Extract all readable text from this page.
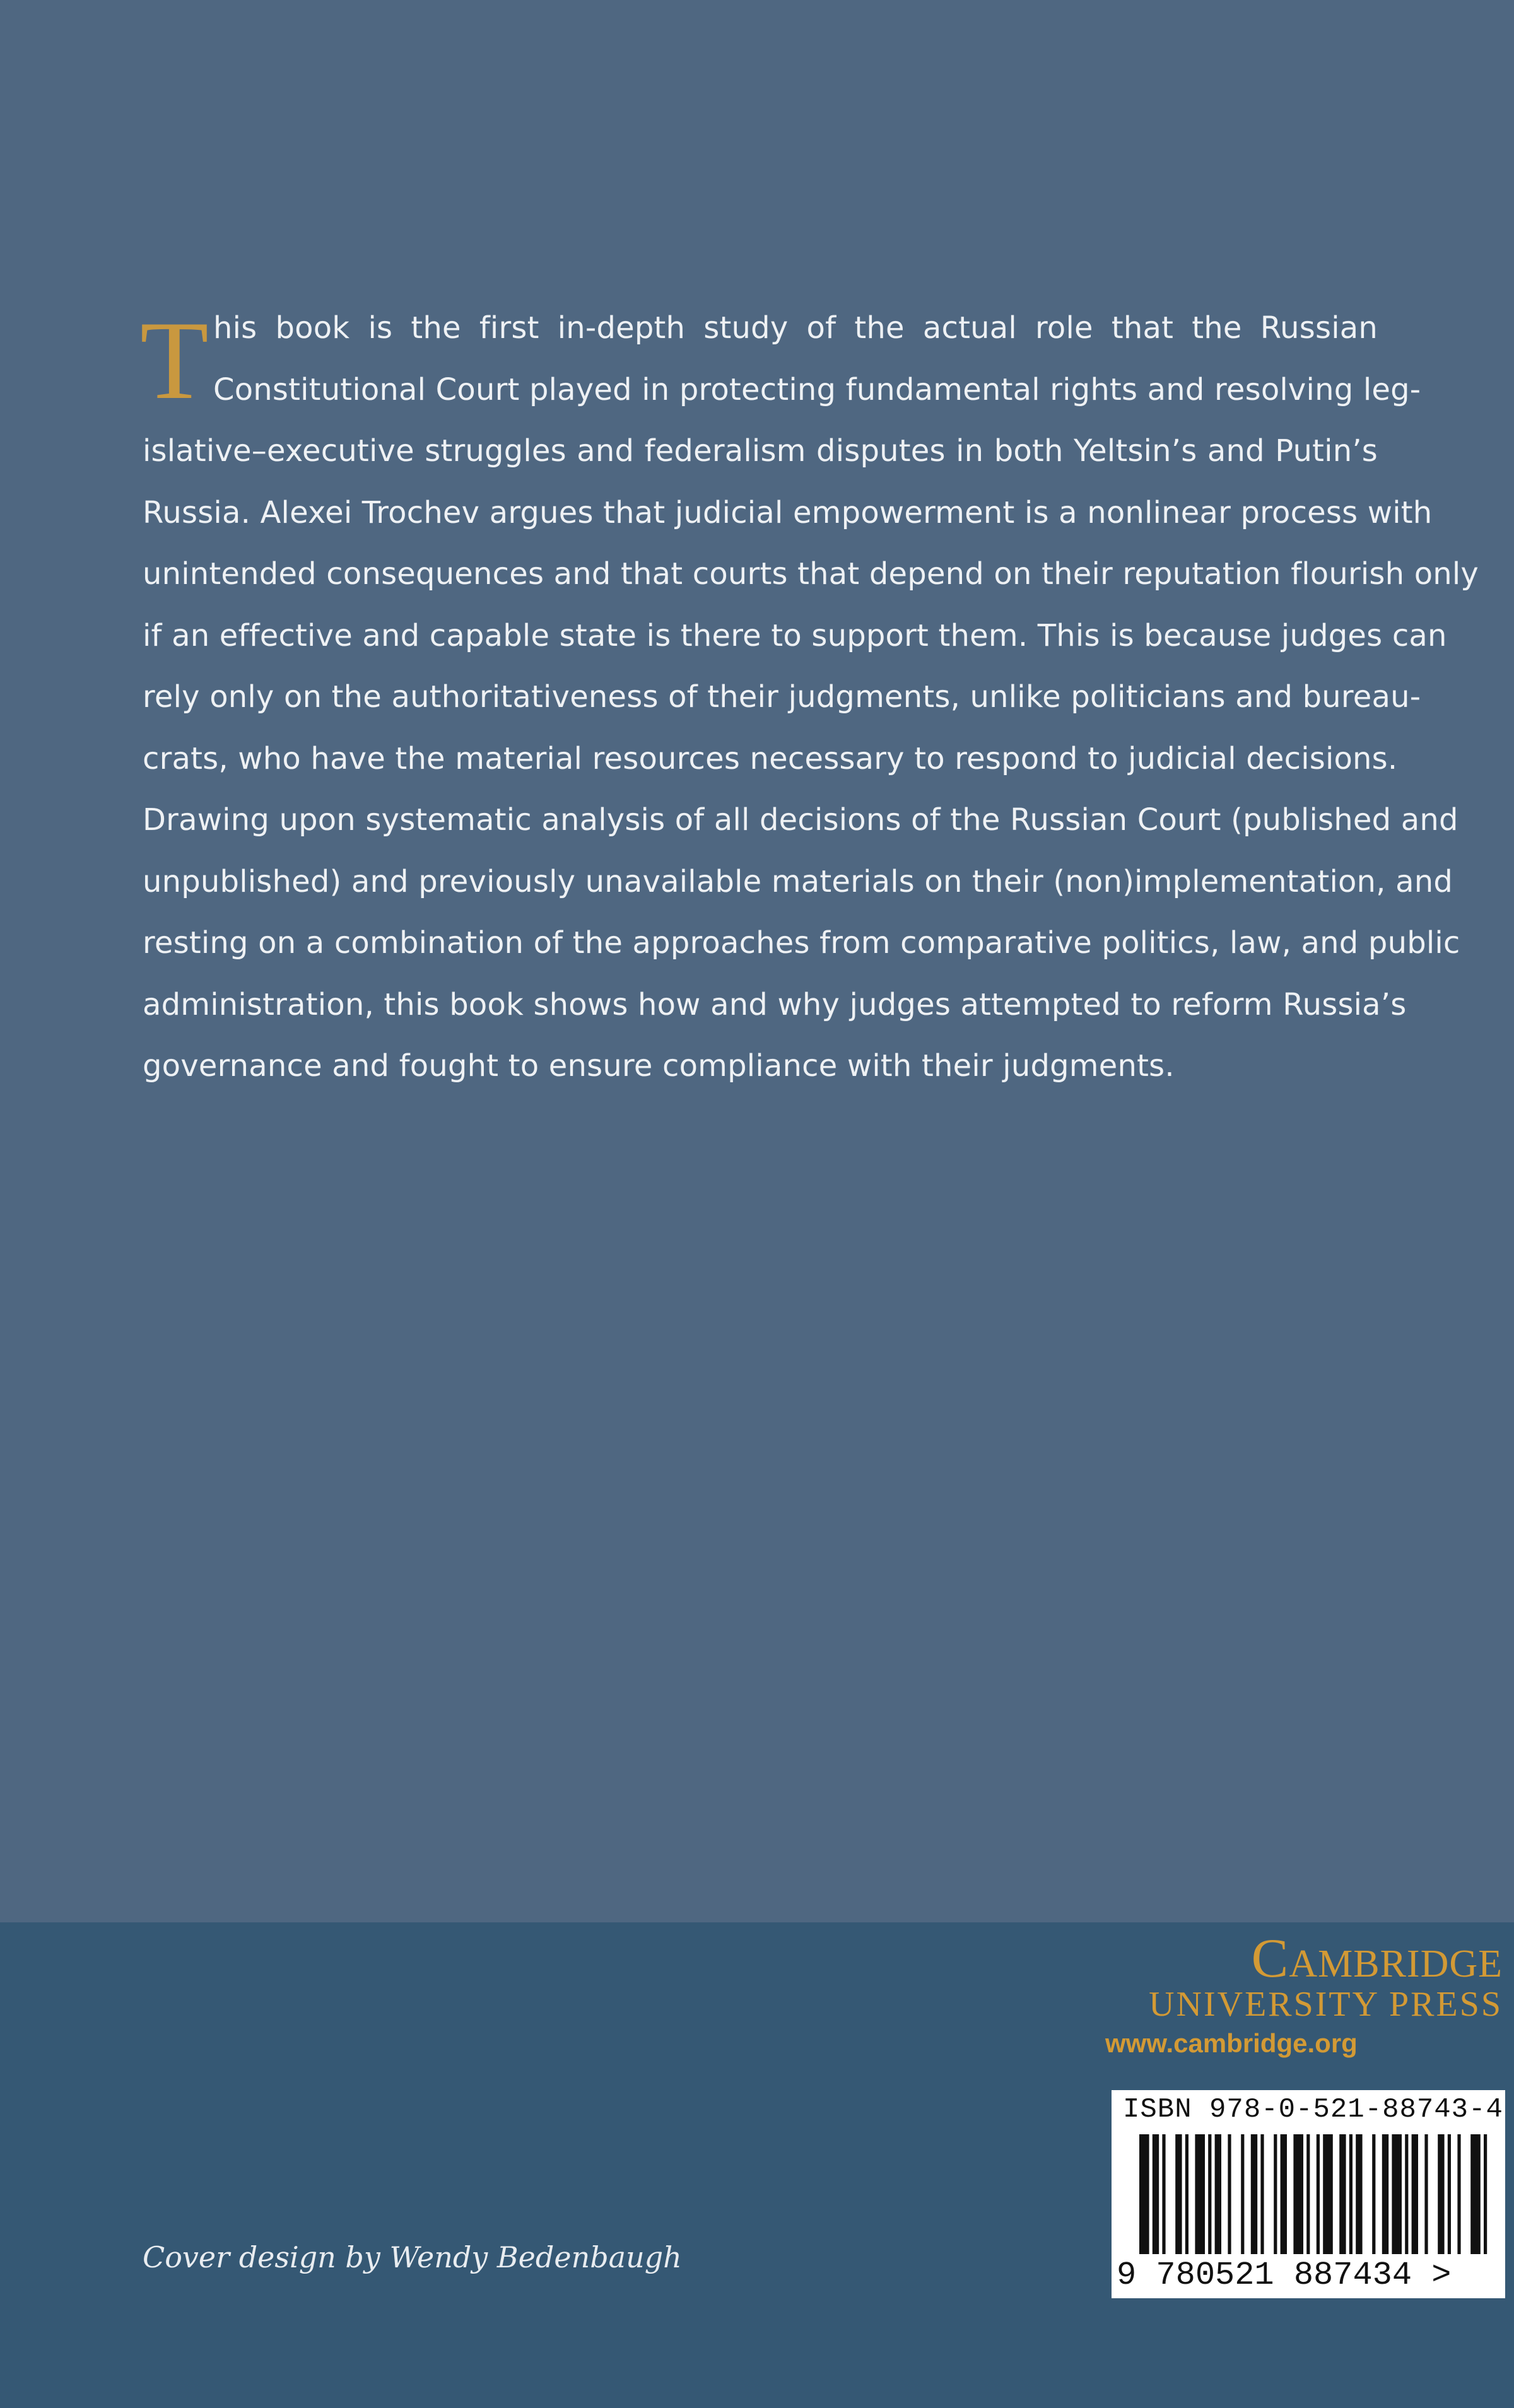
T his book is the first in-depth study of the actual role that the Russian
Constitutional Court played in protecting fundamental rights and resolving leg-
islative–executive struggles and federalism disputes in both Yeltsin’s and Putin’s
Russia. Alexei Trochev argues that judicial empowerment is a nonlinear process with
unintended consequences and that courts that depend on their reputation flourish only
if an effective and capable state is there to support them. This is because judges can
rely only on the authoritativeness of their judgments, unlike politicians and bureau-
crats, who have the material resources necessary to respond to judicial decisions.
Drawing upon systematic analysis of all decisions of the Russian Court (published and
unpublished) and previously unavailable materials on their (non)implementation, and
resting on a combination of the approaches from comparative politics, law, and public
administration, this book shows how and why judges attempted to reform Russia’s
governance and fought to ensure compliance with their judgments.
Cambridge
UNIVERSITY PRESS
www.cambridge.org
ISBN 978-0-521-88743-4
9 780521 887434 >
Cover design by Wendy Bedenbaugh
